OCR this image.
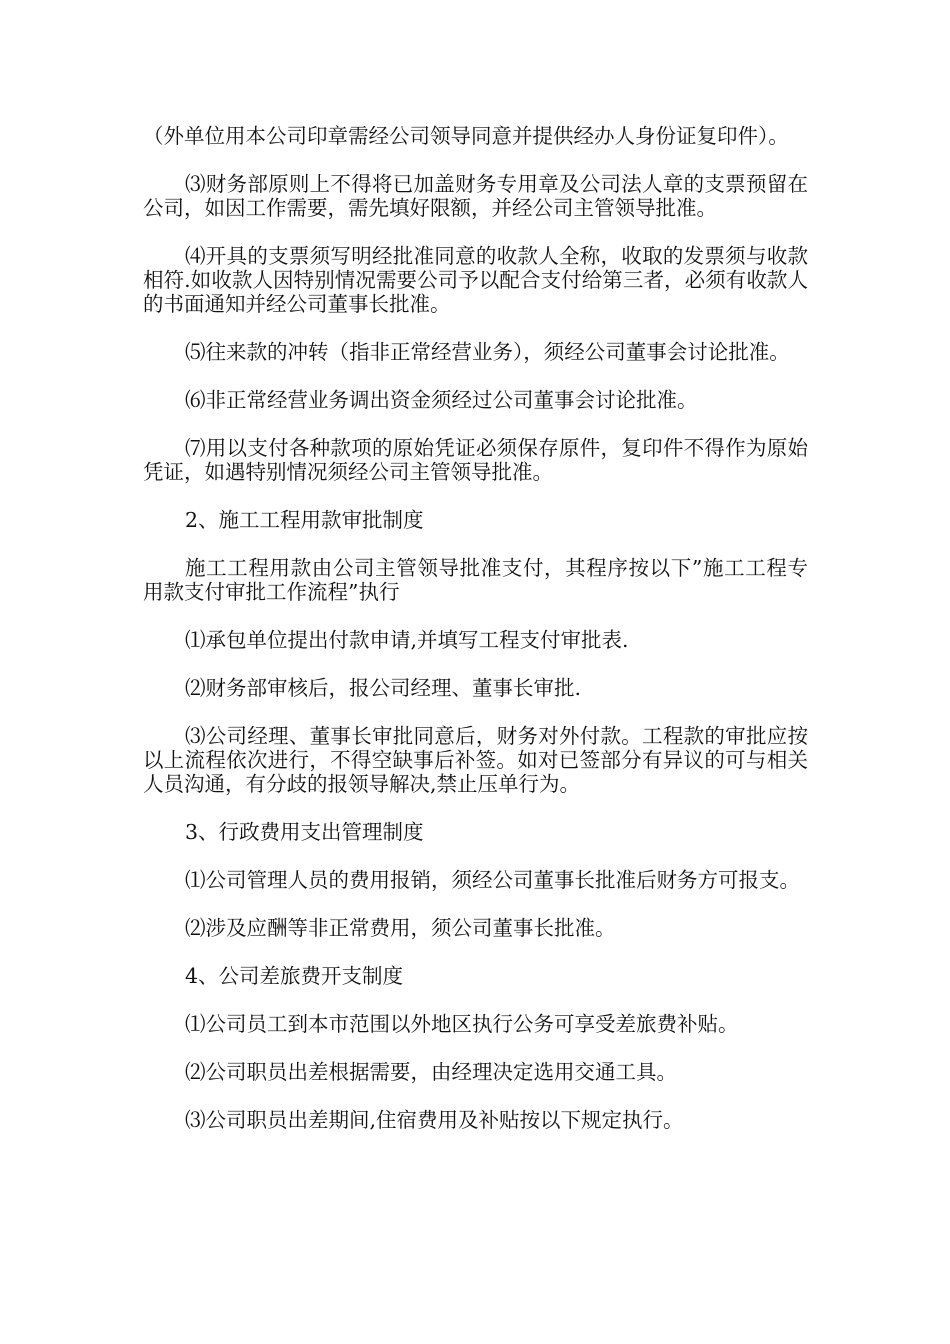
（外单位用本公司印章需经公司领导同意并提供经办人身份证复印件）。

⑶财务部原则上不得将已加盖财务专用章及公司法人章的支票预留在公司，如因工作需要，需先填好限额，并经公司主管领导批准。

⑷开具的支票须写明经批准同意的收款人全称，收取的发票须与收款相符.如收款人因特别情况需要公司予以配合支付给第三者，必须有收款人的书面通知并经公司董事长批准。

⑸往来款的冲转（指非正常经营业务），须经公司董事会讨论批准。

⑹非正常经营业务调出资金须经过公司董事会讨论批准。

⑺用以支付各种款项的原始凭证必须保存原件，复印件不得作为原始凭证，如遇特别情况须经公司主管领导批准。

2、施工工程用款审批制度

施工工程用款由公司主管领导批准支付，其程序按以下”施工工程专用款支付审批工作流程”执行

⑴承包单位提出付款申请,并填写工程支付审批表.

⑵财务部审核后，报公司经理、董事长审批.

⑶公司经理、董事长审批同意后，财务对外付款。工程款的审批应按以上流程依次进行，不得空缺事后补签。如对已签部分有异议的可与相关人员沟通，有分歧的报领导解决,禁止压单行为。

3、行政费用支出管理制度

⑴公司管理人员的费用报销，须经公司董事长批准后财务方可报支。

⑵涉及应酬等非正常费用，须公司董事长批准。

4、公司差旅费开支制度

⑴公司员工到本市范围以外地区执行公务可享受差旅费补贴。

⑵公司职员出差根据需要，由经理决定选用交通工具。

⑶公司职员出差期间,住宿费用及补贴按以下规定执行。
